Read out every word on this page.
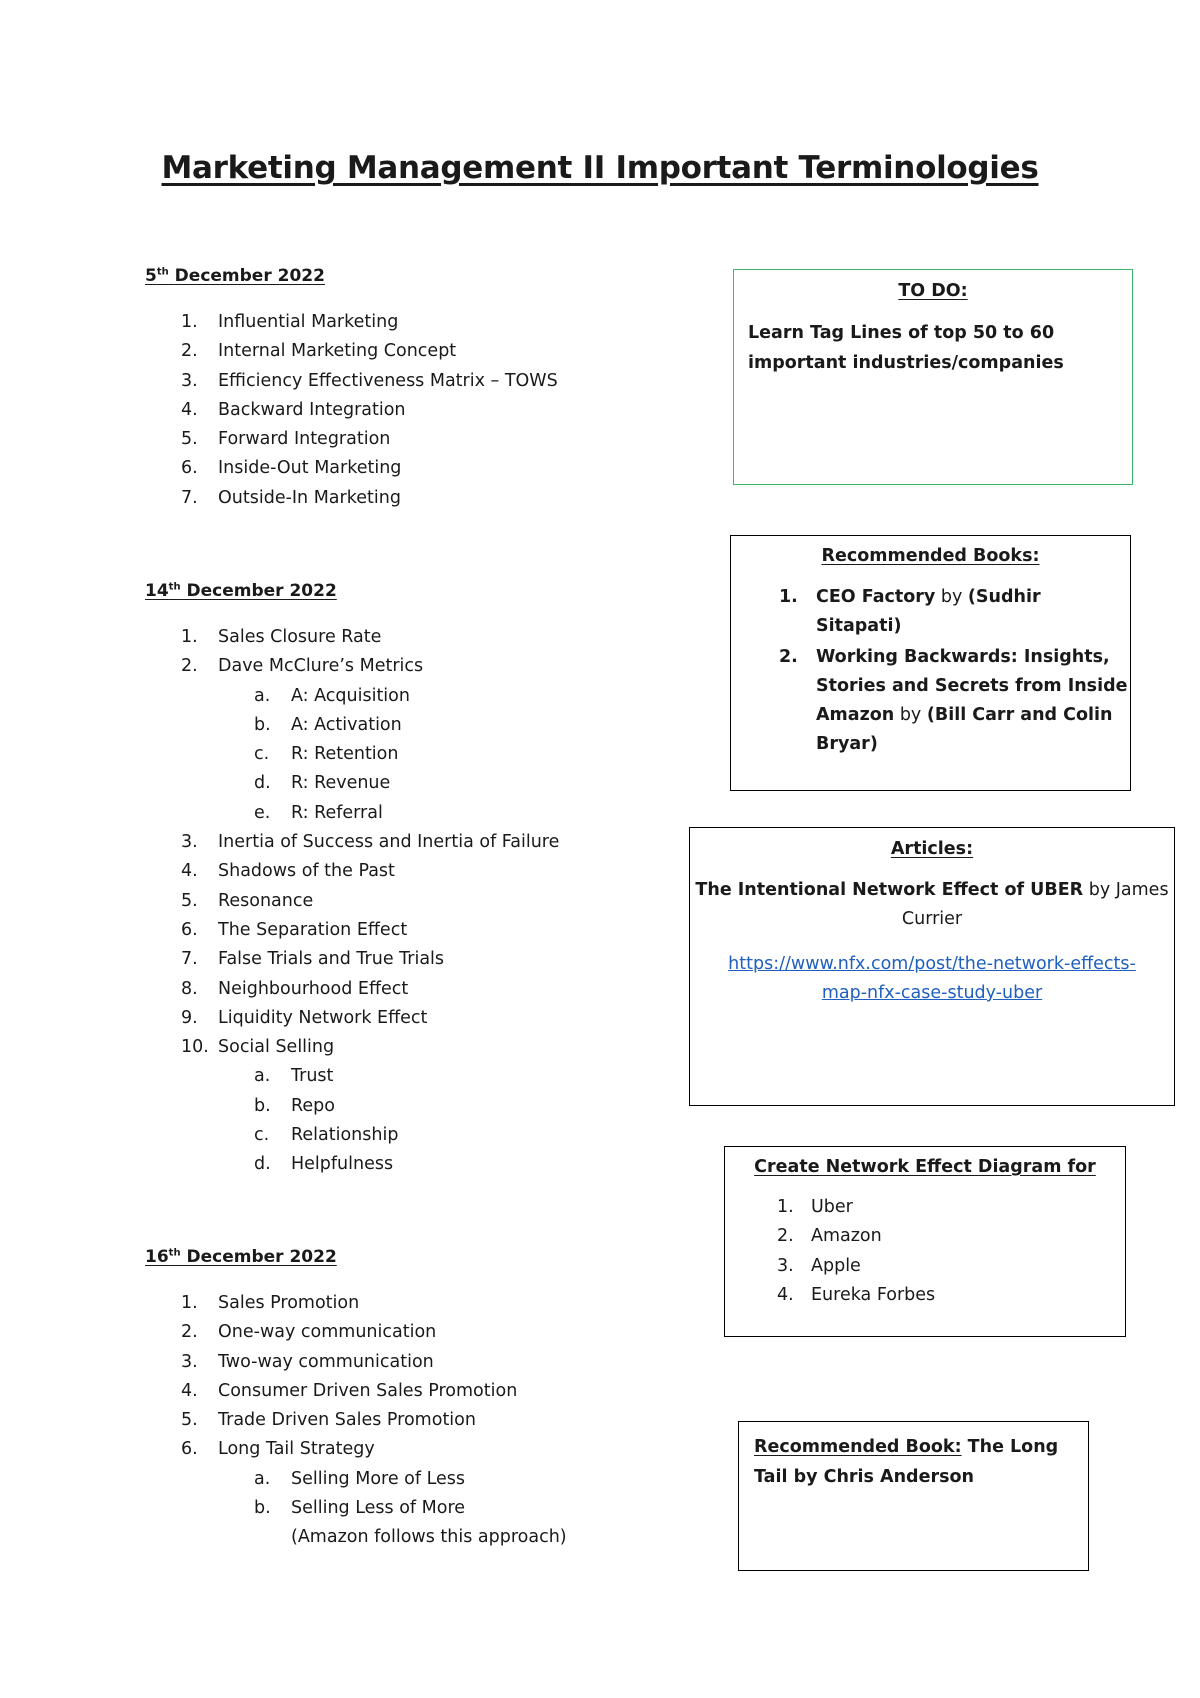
Marketing Management II Important Terminologies
5th December 2022
1. Influential Marketing
2. Internal Marketing Concept
3. Efficiency Effectiveness Matrix – TOWS
4. Backward Integration
5. Forward Integration
6. Inside-Out Marketing
7. Outside-In Marketing
14th December 2022
1. Sales Closure Rate
2. Dave McClure’s Metrics
a.	A: Acquisition
b.	A: Activation
c.	R: Retention
d.	R: Revenue
e.	R: Referral
3. Inertia of Success and Inertia of Failure
4. Shadows of the Past
5. Resonance
6. The Separation Effect
7. False Trials and True Trials
8. Neighbourhood Effect
9. Liquidity Network Effect
10. Social Selling
a.	Trust
b.	Repo
c.	Relationship
d.	Helpfulness
16th December 2022
1. Sales Promotion
2. One-way communication
3. Two-way communication
4. Consumer Driven Sales Promotion
5. Trade Driven Sales Promotion
6. Long Tail Strategy
a.	Selling More of Less
b.	Selling Less of More
(Amazon follows this approach)
TO DO:
Learn Tag Lines of top 50 to 60
important industries/companies
Recommended Books:
1. CEO Factory by (Sudhir Sitapati)
2. Working Backwards: Insights,
Stories and Secrets from Inside
Amazon by (Bill Carr and Colin
Bryar)
Articles:
The Intentional Network Effect of UBER by James
Currier
https://www.nfx.com/post/the-network-effects-
map-nfx-case-study-uber
Create Network Effect Diagram for
1. Uber
2. Amazon
3. Apple
4. Eureka Forbes
Recommended Book: The Long
Tail by Chris Anderson
